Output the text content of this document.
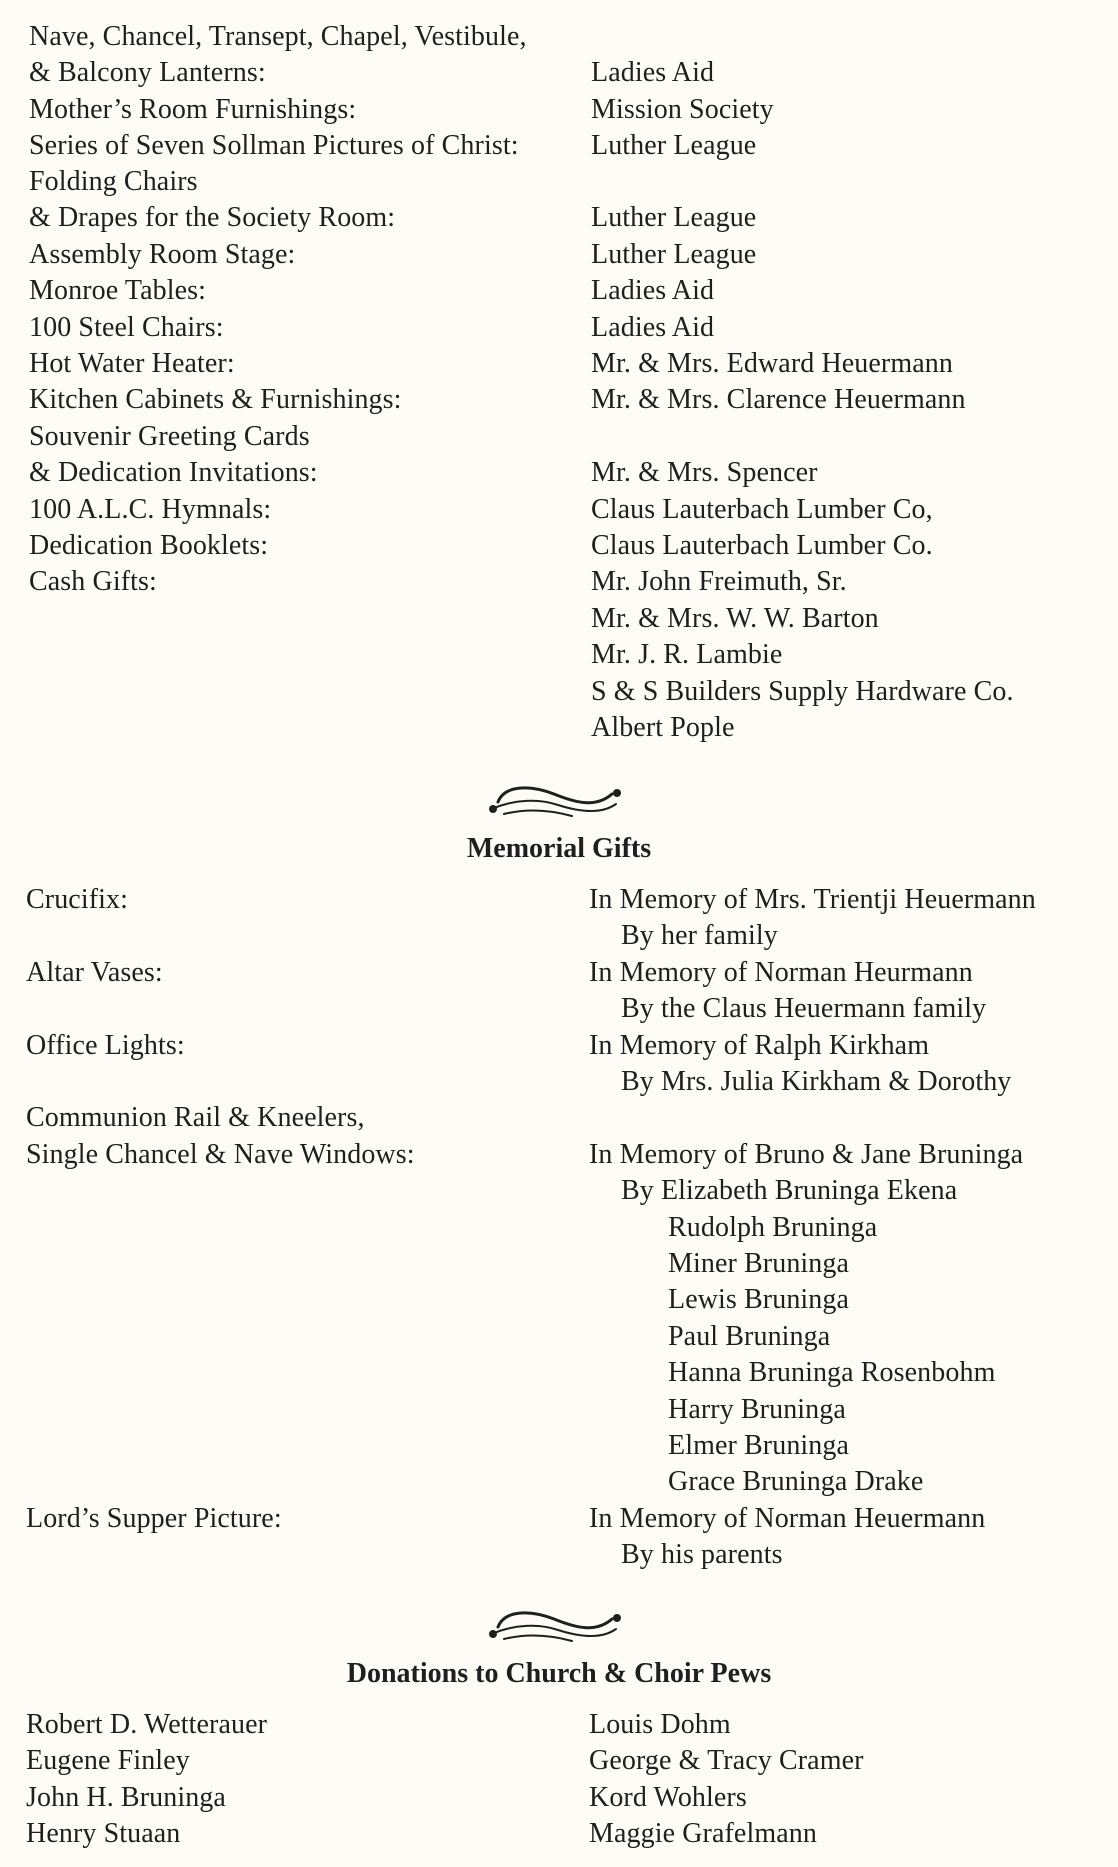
Nave, Chancel, Transept, Chapel, Vestibule,
& Balcony Lanterns:
Mother’s Room Furnishings:
Series of Seven Sollman Pictures of Christ:
Folding Chairs
& Drapes for the Society Room:
Assembly Room Stage:
Monroe Tables:
100 Steel Chairs:
Hot Water Heater:
Kitchen Cabinets & Furnishings:
Souvenir Greeting Cards
& Dedication Invitations:
100 A.L.C. Hymnals:
Dedication Booklets:
Cash Gifts:
Ladies Aid
Mission Society
Luther League
Luther League
Luther League
Ladies Aid
Ladies Aid
Mr. & Mrs. Edward Heuermann
Mr. & Mrs. Clarence Heuermann
Mr. & Mrs. Spencer
Claus Lauterbach Lumber Co,
Claus Lauterbach Lumber Co.
Mr. John Freimuth, Sr.
Mr. & Mrs. W. W. Barton
Mr. J. R. Lambie
S & S Builders Supply Hardware Co.
Albert Pople
Memorial Gifts
Crucifix:
Altar Vases:
Office Lights:
Communion Rail & Kneelers,
Single Chancel & Nave Windows:
Lord’s Supper Picture:
In Memory of Mrs. Trientji Heuermann
By her family
In Memory of Norman Heurmann
By the Claus Heuermann family
In Memory of Ralph Kirkham
By Mrs. Julia Kirkham & Dorothy
In Memory of Bruno & Jane Bruninga
By Elizabeth Bruninga Ekena
Rudolph Bruninga
Miner Bruninga
Lewis Bruninga
Paul Bruninga
Hanna Bruninga Rosenbohm
Harry Bruninga
Elmer Bruninga
Grace Bruninga Drake
In Memory of Norman Heuermann
By his parents
Donations to Church & Choir Pews
Robert D. Wetterauer
Eugene Finley
John H. Bruninga
Henry Stuaan
Louis Dohm
George & Tracy Cramer
Kord Wohlers
Maggie Grafelmann
